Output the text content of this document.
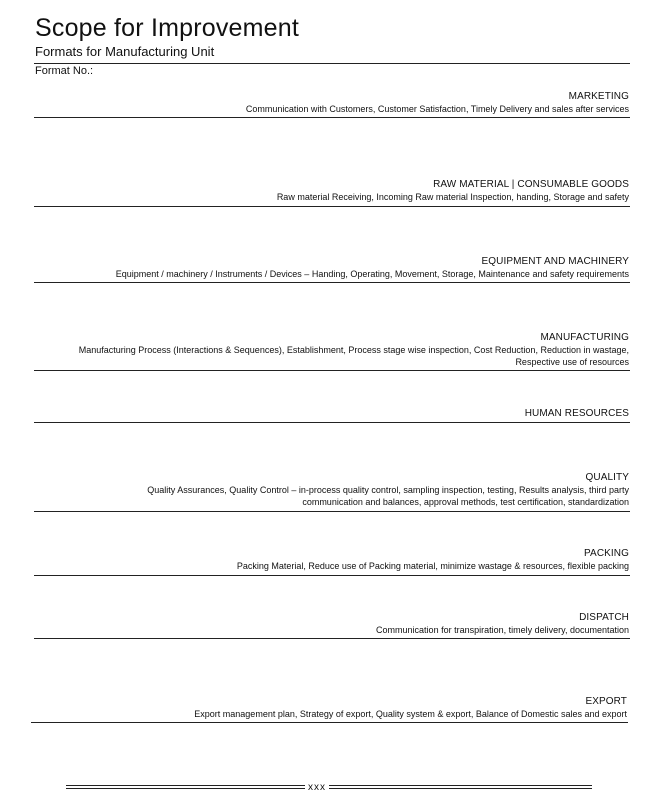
Scope for Improvement
Formats for Manufacturing Unit
Format No.:
MARKETING
Communication with Customers, Customer Satisfaction, Timely Delivery and sales after services
RAW MATERIAL | CONSUMABLE GOODS
Raw material Receiving, Incoming Raw material Inspection, handing, Storage and safety
EQUIPMENT AND MACHINERY
Equipment / machinery / Instruments / Devices – Handing, Operating, Movement, Storage, Maintenance and safety requirements
MANUFACTURING
Manufacturing Process (Interactions & Sequences), Establishment, Process stage wise inspection, Cost Reduction, Reduction in wastage,
Respective use of resources
HUMAN RESOURCES
QUALITY
Quality Assurances, Quality Control – in-process quality control, sampling inspection, testing, Results analysis, third party
communication and balances, approval methods, test certification, standardization
PACKING
Packing Material, Reduce use of Packing material, minimize wastage & resources, flexible packing
DISPATCH
Communication for transpiration, timely delivery, documentation
EXPORT
Export management plan, Strategy of export, Quality system & export, Balance of Domestic sales and export
xxx
